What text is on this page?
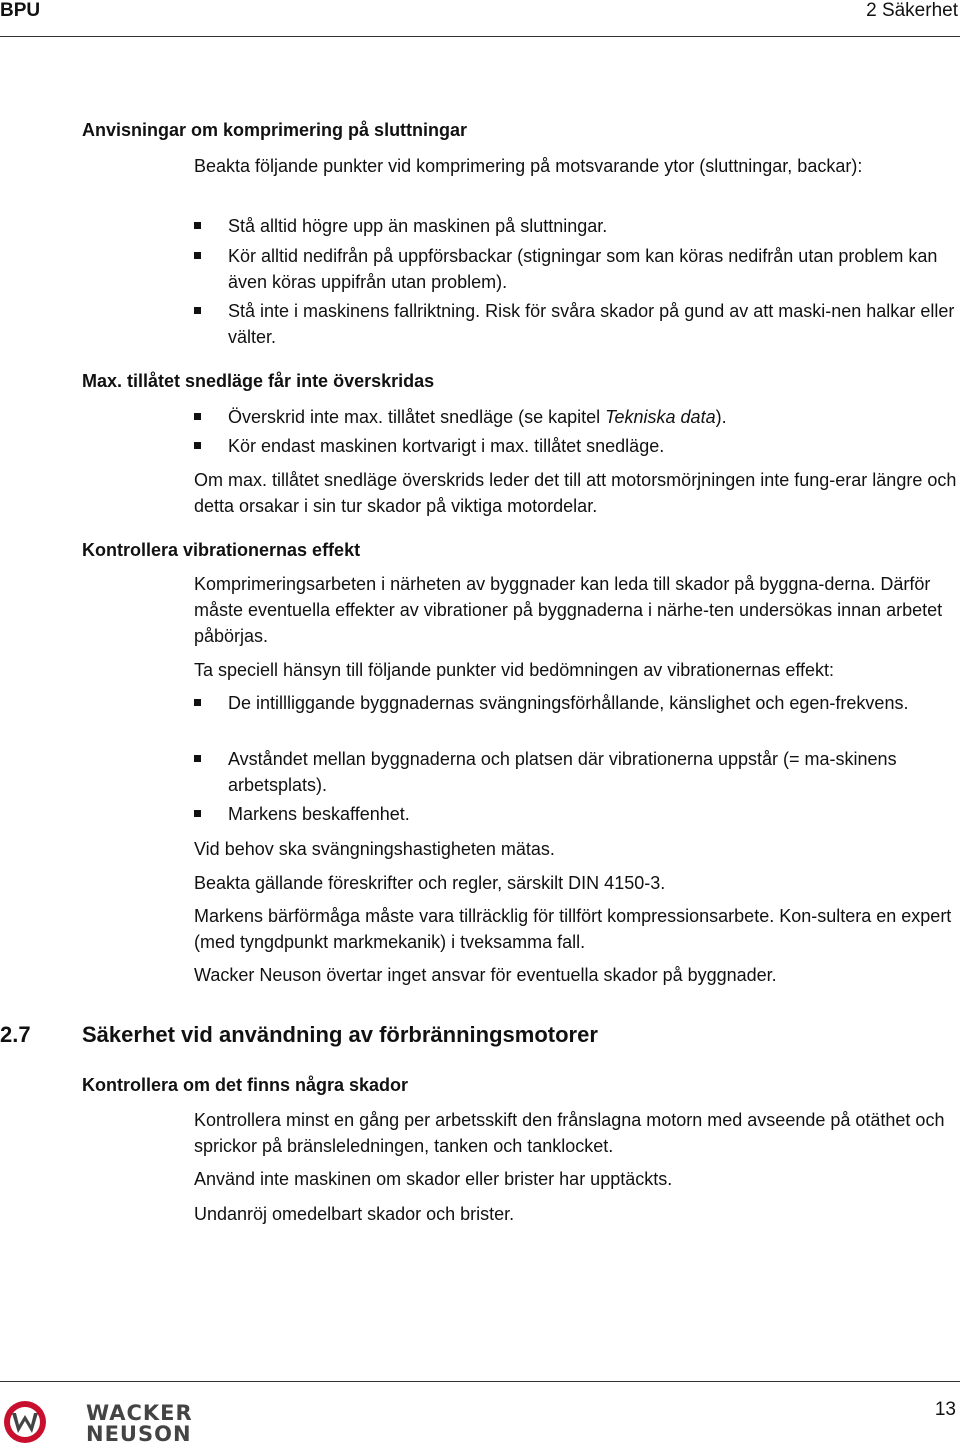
BPU	2 Säkerhet
Anvisningar om komprimering på sluttningar
Beakta följande punkter vid komprimering på motsvarande ytor (sluttningar, backar):
Stå alltid högre upp än maskinen på sluttningar.
Kör alltid nedifrån på uppförsbackar (stigningar som kan köras nedifrån utan problem kan även köras uppifrån utan problem).
Stå inte i maskinens fallriktning. Risk för svåra skador på gund av att maski-nen halkar eller välter.
Max. tillåtet snedläge får inte överskridas
Överskrid inte max. tillåtet snedläge (se kapitel Tekniska data).
Kör endast maskinen kortvarigt i max. tillåtet snedläge.
Om max. tillåtet snedläge överskrids leder det till att motorsmörjningen inte fung-erar längre och detta orsakar i sin tur skador på viktiga motordelar.
Kontrollera vibrationernas effekt
Komprimeringsarbeten i närheten av byggnader kan leda till skador på byggna-derna. Därför måste eventuella effekter av vibrationer på byggnaderna i närhe-ten undersökas innan arbetet påbörjas.
Ta speciell hänsyn till följande punkter vid bedömningen av vibrationernas effekt:
De intillliggande byggnadernas svängningsförhållande, känslighet och egen-frekvens.
Avståndet mellan byggnaderna och platsen där vibrationerna uppstår (= ma-skinens arbetsplats).
Markens beskaffenhet.
Vid behov ska svängningshastigheten mätas.
Beakta gällande föreskrifter och regler, särskilt DIN 4150-3.
Markens bärförmåga måste vara tillräcklig för tillfört kompressionsarbete. Kon-sultera en expert (med tyngdpunkt markmekanik) i tveksamma fall.
Wacker Neuson övertar inget ansvar för eventuella skador på byggnader.
2.7 Säkerhet vid användning av förbränningsmotorer
Kontrollera om det finns några skador
Kontrollera minst en gång per arbetsskift den frånslagna motorn med avseende på otäthet och sprickor på bränsleledningen, tanken och tanklocket.
Använd inte maskinen om skador eller brister har upptäckts.
Undanröj omedelbart skador och brister.
WACKER
NEUSON
13
